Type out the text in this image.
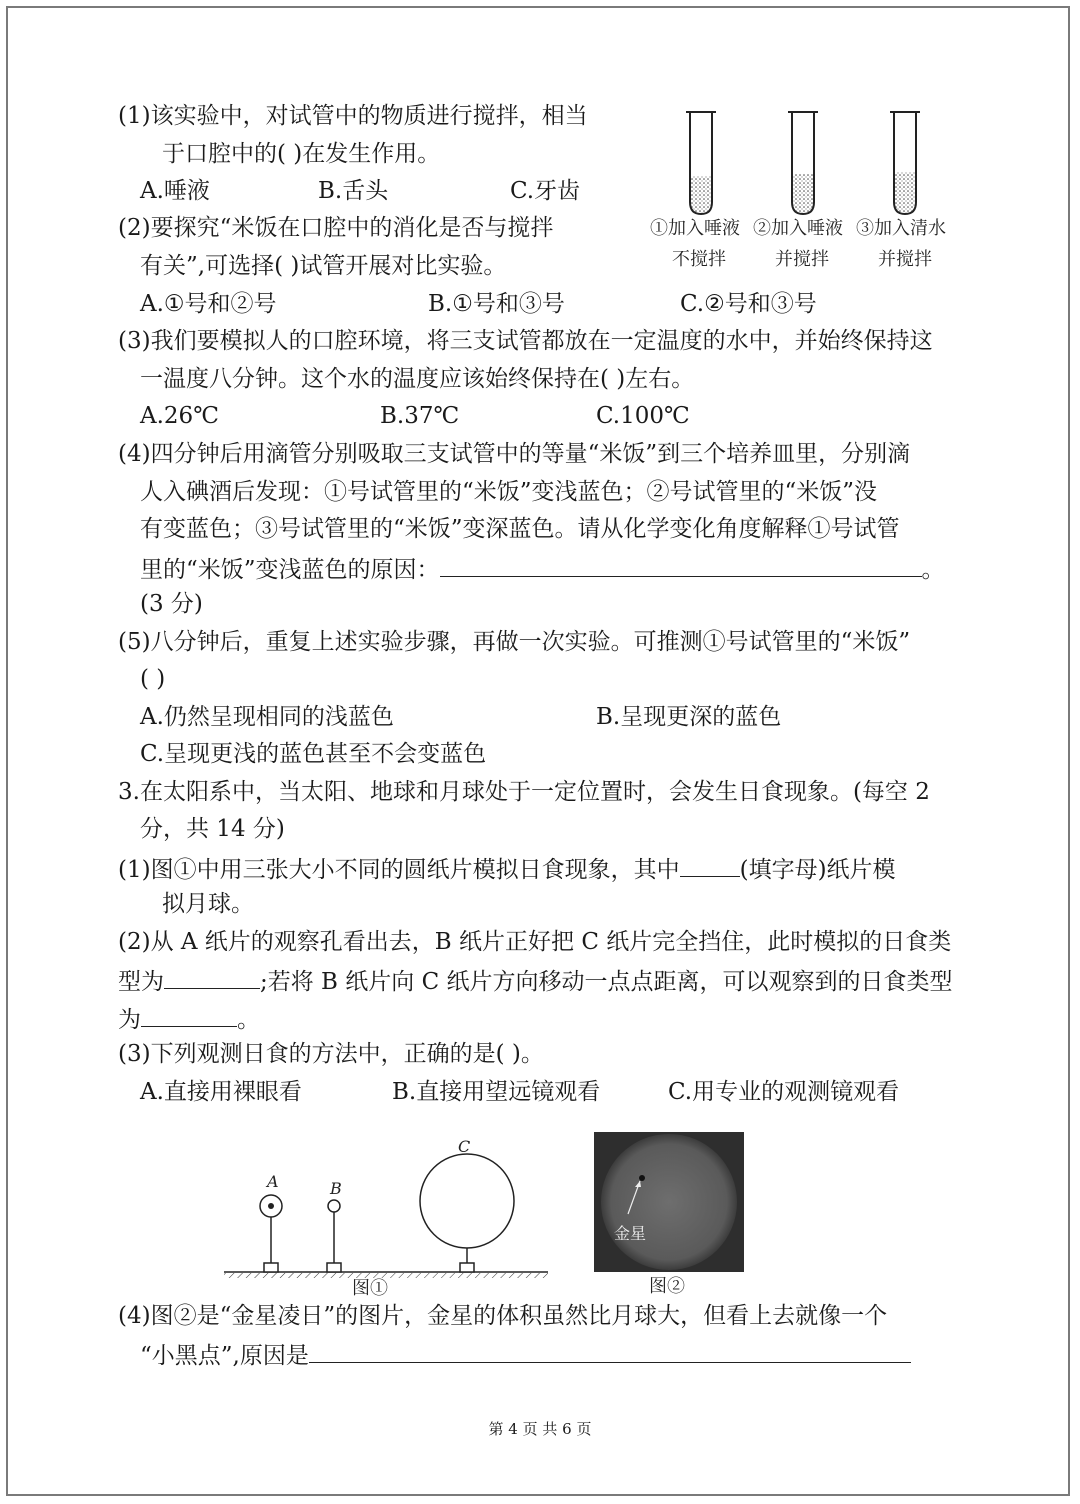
(1)该实验中，对试管中的物质进行搅拌，相当
于口腔中的( )在发生作用。
A.唾液	B.舌头	C.牙齿
①加入唾液 ②加入唾液 ③加入清水
不搅拌	并搅拌	并搅拌
(2)要探究“米饭在口腔中的消化是否与搅拌
有关”,可选择( )试管开展对比实验。
A.①号和②号	B.①号和③号	C.②号和③号
(3)我们要模拟人的口腔环境，将三支试管都放在一定温度的水中，并始终保持这
一温度八分钟。这个水的温度应该始终保持在( )左右。
A.26℃	B.37℃	C.100℃
(4)四分钟后用滴管分别吸取三支试管中的等量“米饭”到三个培养皿里，分别滴
人入碘酒后发现：①号试管里的“米饭”变浅蓝色；②号试管里的“米饭”没
有变蓝色；③号试管里的“米饭”变深蓝色。请从化学变化角度解释①号试管
里的“米饭”变浅蓝色的原因：	。
(3 分)
(5)八分钟后，重复上述实验步骤，再做一次实验。可推测①号试管里的“米饭”
( )
A.仍然呈现相同的浅蓝色	B.呈现更深的蓝色
C.呈现更浅的蓝色甚至不会变蓝色
3.在太阳系中，当太阳、地球和月球处于一定位置时，会发生日食现象。(每空 2
分，共 14 分)
(1)图①中用三张大小不同的圆纸片模拟日食现象，其中	(填字母)纸片模
拟月球。
(2)从 A 纸片的观察孔看出去，B 纸片正好把 C 纸片完全挡住，此时模拟的日食类
型为	;若将 B 纸片向 C 纸片方向移动一点点距离，可以观察到的日食类型
为	。
(3)下列观测日食的方法中，正确的是( )。
A.直接用裸眼看	B.直接用望远镜观看	C.用专业的观测镜观看
A	B
C
图①
金星
图②
(4)图②是“金星凌日”的图片，金星的体积虽然比月球大，但看上去就像一个
“小黑点”,原因是
第 4 页 共 6 页
